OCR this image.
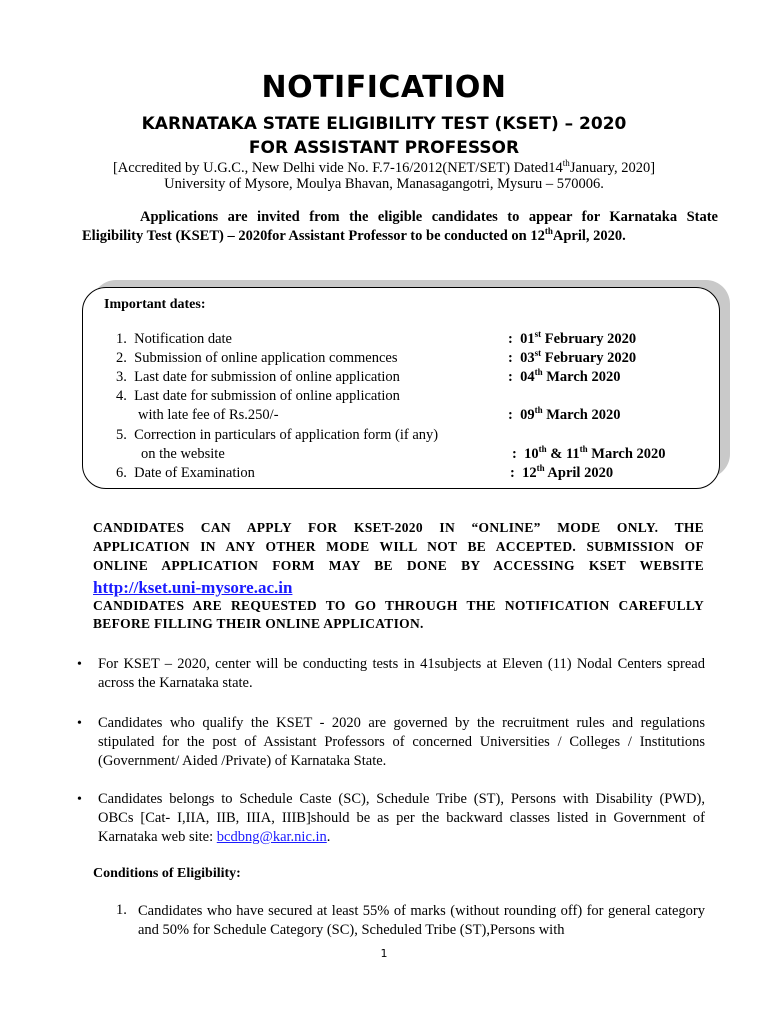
NOTIFICATION
KARNATAKA STATE ELIGIBILITY TEST (KSET) – 2020
FOR ASSISTANT PROFESSOR
[Accredited by U.G.C., New Delhi vide No. F.7-16/2012(NET/SET) Dated14thJanuary, 2020]
University of Mysore, Moulya Bhavan, Manasagangotri, Mysuru – 570006.
Applications are invited from the eligible candidates to appear for Karnataka State Eligibility Test (KSET) – 2020for Assistant Professor to be conducted on 12thApril, 2020.
Important dates:
1. Notification date	: 01st February 2020
2. Submission of online application commences	: 03st February 2020
3. Last date for submission of online application	: 04th March 2020
4. Last date for submission of online application
with late fee of Rs.250/-	: 09th March 2020
5. Correction in particulars of application form (if any)
on the website	: 10th & 11th March 2020
6. Date of Examination	: 12th April 2020
CANDIDATES CAN APPLY FOR KSET-2020 IN “ONLINE” MODE ONLY. THE
APPLICATION IN ANY OTHER MODE WILL NOT BE ACCEPTED. SUBMISSION OF
ONLINE APPLICATION FORM MAY BE DONE BY ACCESSING KSET WEBSITE
http://kset.uni-mysore.ac.in
CANDIDATES ARE REQUESTED TO GO THROUGH THE NOTIFICATION CAREFULLY
BEFORE FILLING THEIR ONLINE APPLICATION.
• For KSET – 2020, center will be conducting tests in 41subjects at Eleven (11) Nodal Centers spread across the Karnataka state.
• Candidates who qualify the KSET - 2020 are governed by the recruitment rules and regulations stipulated for the post of Assistant Professors of concerned Universities / Colleges / Institutions (Government/ Aided /Private) of Karnataka State.
• Candidates belongs to Schedule Caste (SC), Schedule Tribe (ST), Persons with Disability (PWD), OBCs [Cat- I,IIA, IIB, IIIA, IIIB]should be as per the backward classes listed in Government of Karnataka web site: bcdbng@kar.nic.in.
Conditions of Eligibility:
1. Candidates who have secured at least 55% of marks (without rounding off) for general category and 50% for Schedule Category (SC), Scheduled Tribe (ST),Persons with
1
